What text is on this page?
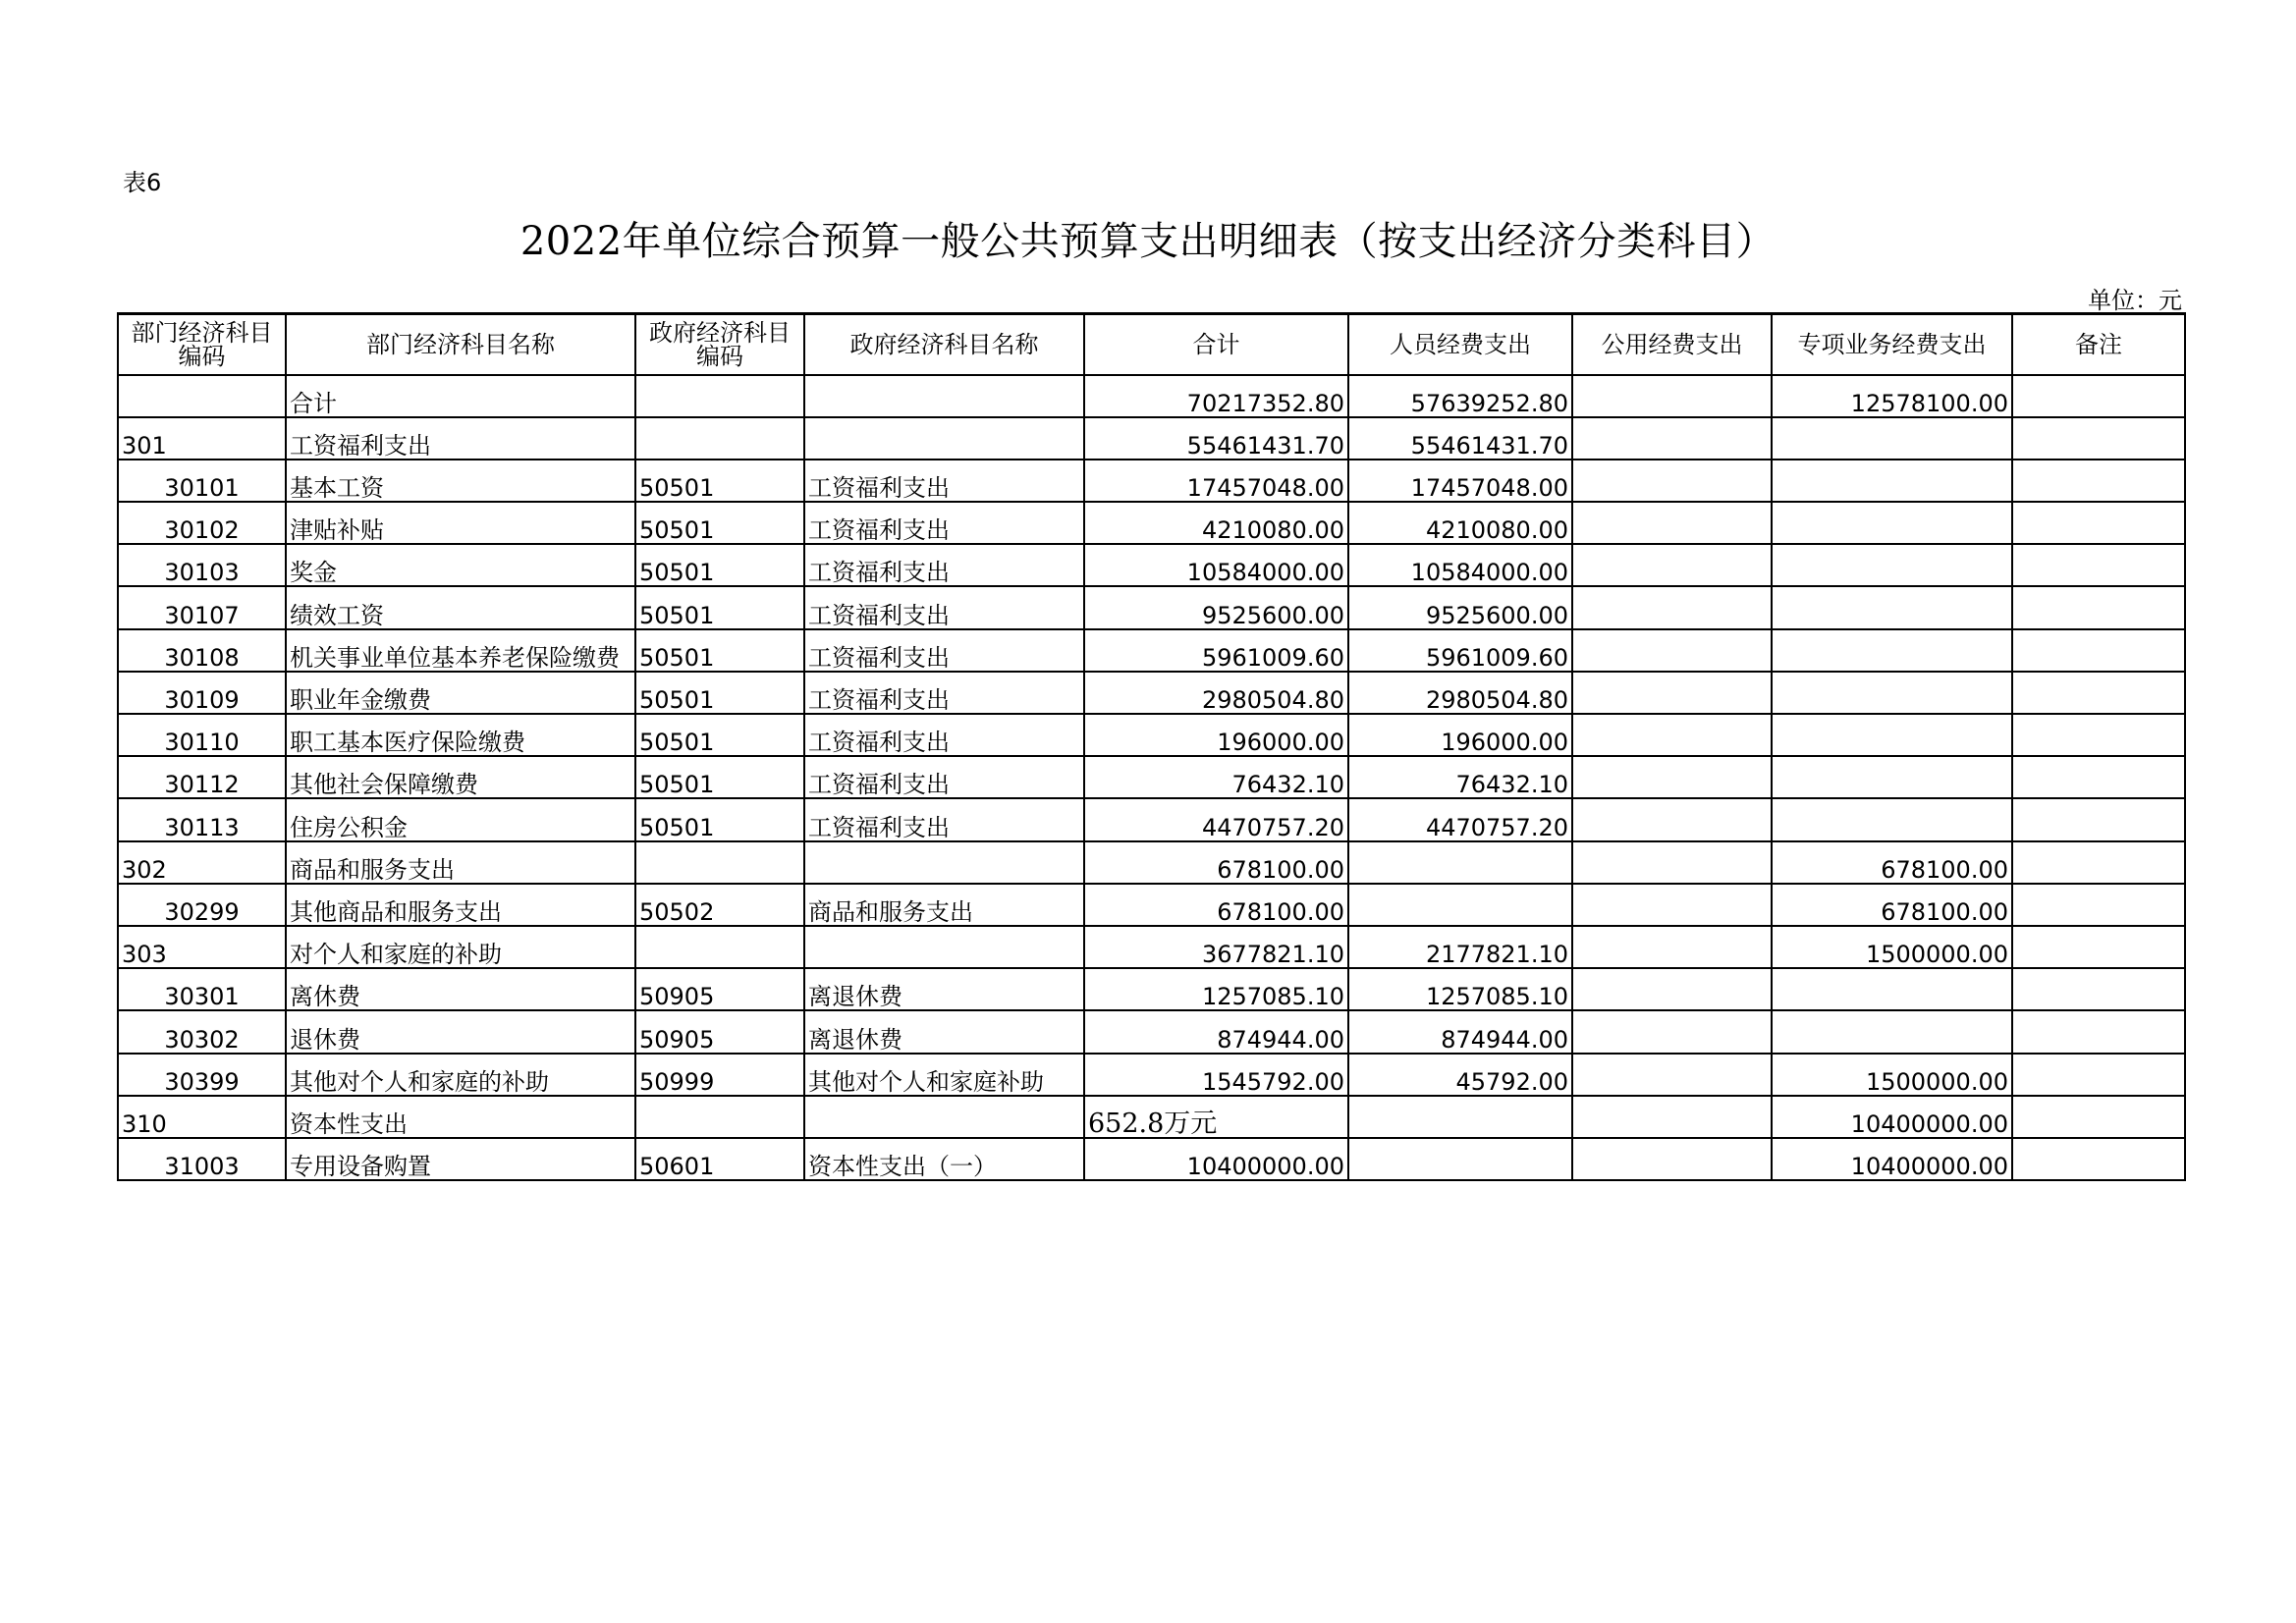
表6
2022年单位综合预算一般公共预算支出明细表（按支出经济分类科目）
单位：元
部门经济科目编码	部门经济科目名称	政府经济科目编码	政府经济科目名称	合计	人员经费支出	公用经费支出	专项业务经费支出	备注
	合计			70217352.80	57639252.80		12578100.00	
301	工资福利支出			55461431.70	55461431.70			
30101	基本工资	50501	工资福利支出	17457048.00	17457048.00			
30102	津贴补贴	50501	工资福利支出	4210080.00	4210080.00			
30103	奖金	50501	工资福利支出	10584000.00	10584000.00			
30107	绩效工资	50501	工资福利支出	9525600.00	9525600.00			
30108	机关事业单位基本养老保险缴费	50501	工资福利支出	5961009.60	5961009.60			
30109	职业年金缴费	50501	工资福利支出	2980504.80	2980504.80			
30110	职工基本医疗保险缴费	50501	工资福利支出	196000.00	196000.00			
30112	其他社会保障缴费	50501	工资福利支出	76432.10	76432.10			
30113	住房公积金	50501	工资福利支出	4470757.20	4470757.20			
302	商品和服务支出			678100.00			678100.00	
30299	其他商品和服务支出	50502	商品和服务支出	678100.00			678100.00	
303	对个人和家庭的补助			3677821.10	2177821.10		1500000.00	
30301	离休费	50905	离退休费	1257085.10	1257085.10			
30302	退休费	50905	离退休费	874944.00	874944.00			
30399	其他对个人和家庭的补助	50999	其他对个人和家庭补助	1545792.00	45792.00		1500000.00	
310	资本性支出			652.8万元			10400000.00	
31003	专用设备购置	50601	资本性支出（一）	10400000.00			10400000.00	
